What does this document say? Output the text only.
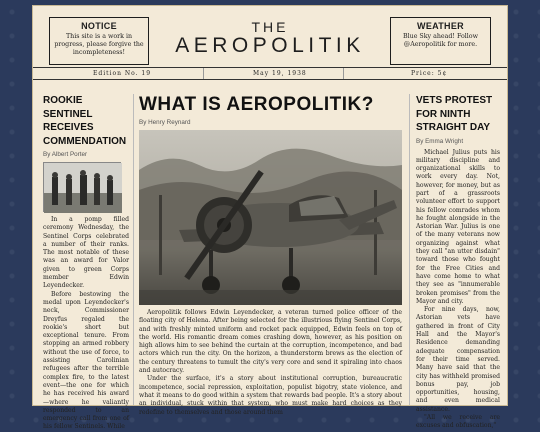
NOTICE

This site is a work in progress, please forgive the incompleteness!

THE
AEROPOLITIK
WEATHER

Blue Sky ahead! Follow @Aeropolitik for more.

Edition No. 19	May 19, 1938	Price: 5¢
ROOKIE SENTINEL RECEIVES COMMENDATION
By Albert Porter

In a pomp filled ceremony Wednesday, the Sentinel Corps celebrated a number of their ranks. The most notable of these was an award for Valor given to green Corps member Edwin Leyendecker.

Before bestowing the medal upon Leyendecker's neck, Commissioner Dreyfus regaled the rookie's short but exceptional tenure. From stopping an armed robbery without the use of force, to assisting Carolinian refugees after the terrible complex fire, to the latest event—the one for which he has received his award—where he valiantly responded to an emergency call from one of his fellow Sentinels. While

WHAT IS AEROPOLITIK?
By Henry Reynard

Aeropolitik follows Edwin Leyendecker, a veteran turned police officer of the floating city of Helena. After being selected for the illustrious flying Sentinel Corps, and with freshly minted uniform and rocket pack equipped, Edwin feels on top of the world. His romantic dream comes crashing down, however, as his position on high allows him to see behind the curtain at the corruption, incompetence, and bad actors which run the city. On the horizon, a thunderstorm brews as the election of the century threatens to tumult the city's very core and send it spiraling into chaos and autocracy.

Under the surface, it's a story about institutional corruption, bureaucratic incompetence, social repression, exploitation, populist bigotry, state violence, and what it means to do good within a system that rewards bad people. It's a story about an individual, stuck within that system, who must make hard choices as they redefine to themselves and those around them

VETS PROTEST FOR NINTH STRAIGHT DAY
By Emma Wright

Michael Julius puts his military discipline and organizational skills to work every day. Not, however, for money, but as part of a grassroots volunteer effort to support his fellow comrades whom he fought alongside in the Astorian War. Julius is one of the many veterans now organizing against what they call "an utter disdain" toward those who fought for the Free Cities and have come home to what they see as "innumerable broken promises" from the Mayor and city.

For nine days, now, Astorian vets have gathered in front of City Hall and the Mayor's Residence demanding adequate compensation for their time served. Many have said that the city has withheld promised bonus pay, job opportunities, housing, and even medical assistance.

"All we receive are excuses and obfuscation,"
